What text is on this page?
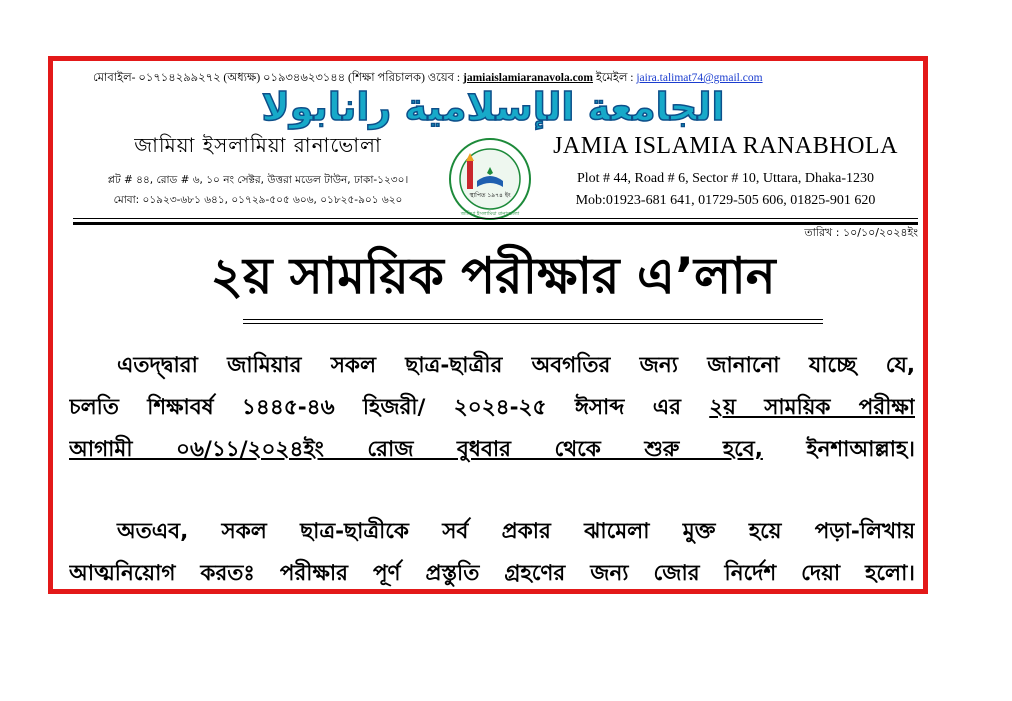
মোবাইল- ০১৭১৪২৯৯২৭২ (অধ্যক্ষ) ০১৯৩৪৬২৩১৪৪ (শিক্ষা পরিচালক) ওয়েব : jamiaislamiaranavola.com ইমেইল : jaira.talimat74@gmail.com
الجامعة الإسلامية رانابولا
জামিয়া ইসলামিয়া রানাভোলা
প্লট # ৪৪, রোড # ৬, ১০ নং সেক্টর, উত্তরা মডেল টাউন, ঢাকা-১২৩০।
মোবা: ০১৯২৩-৬৮১ ৬৪১, ০১৭২৯-৫০৫ ৬০৬, ০১৮২৫-৯০১ ৬২০	স্থাপিত ১৯৭৪ ইং
জামিয়া ইসলামিয়া রানাভোলা
JAMIA ISLAMIA RANABHOLA
Plot # 44, Road # 6, Sector # 10, Uttara, Dhaka-1230
Mob:01923-681 641, 01729-505 606, 01825-901 620
তারিখ : ১০/১০/২০২৪ইং
২য় সাময়িক পরীক্ষার এ’লান
এতদ্দ্বারা জামিয়ার সকল ছাত্র-ছাত্রীর অবগতির জন্য জানানো যাচ্ছে যে,
চলতি শিক্ষাবর্ষ ১৪৪৫-৪৬ হিজরী/ ২০২৪-২৫ ঈসাব্দ এর ২য় সাময়িক পরীক্ষা
আগামী ০৬/১১/২০২৪ইং রোজ বুধবার থেকে শুরু হবে, ইনশাআল্লাহ।
অতএব, সকল ছাত্র-ছাত্রীকে সর্ব প্রকার ঝামেলা মুক্ত হয়ে পড়া-লিখায়
আত্মনিয়োগ করতঃ পরীক্ষার পূর্ণ প্রস্তুতি গ্রহণের জন্য জোর নির্দেশ দেয়া হলো।
